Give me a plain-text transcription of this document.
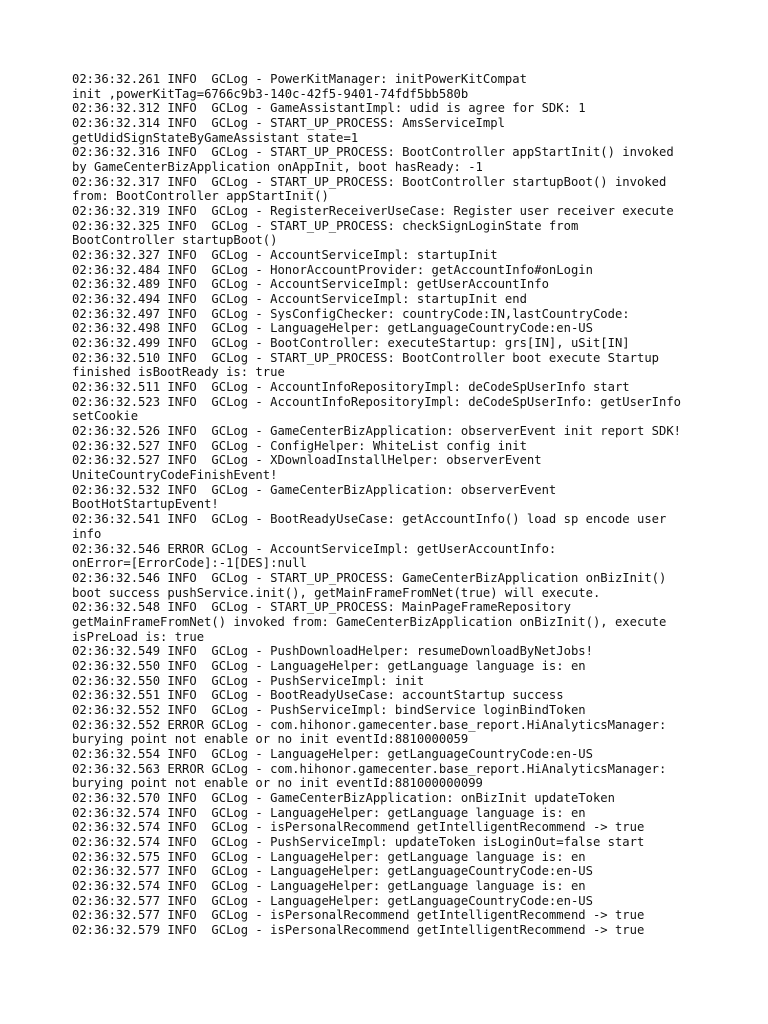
02:36:32.261 INFO  GCLog - PowerKitManager: initPowerKitCompat
init ,powerKitTag=6766c9b3-140c-42f5-9401-74fdf5bb580b
02:36:32.312 INFO  GCLog - GameAssistantImpl: udid is agree for SDK: 1
02:36:32.314 INFO  GCLog - START_UP_PROCESS: AmsServiceImpl
getUdidSignStateByGameAssistant state=1
02:36:32.316 INFO  GCLog - START_UP_PROCESS: BootController appStartInit() invoked
by GameCenterBizApplication onAppInit, boot hasReady: -1
02:36:32.317 INFO  GCLog - START_UP_PROCESS: BootController startupBoot() invoked
from: BootController appStartInit()
02:36:32.319 INFO  GCLog - RegisterReceiverUseCase: Register user receiver execute
02:36:32.325 INFO  GCLog - START_UP_PROCESS: checkSignLoginState from
BootController startupBoot()
02:36:32.327 INFO  GCLog - AccountServiceImpl: startupInit
02:36:32.484 INFO  GCLog - HonorAccountProvider: getAccountInfo#onLogin
02:36:32.489 INFO  GCLog - AccountServiceImpl: getUserAccountInfo
02:36:32.494 INFO  GCLog - AccountServiceImpl: startupInit end
02:36:32.497 INFO  GCLog - SysConfigChecker: countryCode:IN,lastCountryCode:
02:36:32.498 INFO  GCLog - LanguageHelper: getLanguageCountryCode:en-US
02:36:32.499 INFO  GCLog - BootController: executeStartup: grs[IN], uSit[IN]
02:36:32.510 INFO  GCLog - START_UP_PROCESS: BootController boot execute Startup
finished isBootReady is: true
02:36:32.511 INFO  GCLog - AccountInfoRepositoryImpl: deCodeSpUserInfo start
02:36:32.523 INFO  GCLog - AccountInfoRepositoryImpl: deCodeSpUserInfo: getUserInfo
setCookie
02:36:32.526 INFO  GCLog - GameCenterBizApplication: observerEvent init report SDK!
02:36:32.527 INFO  GCLog - ConfigHelper: WhiteList config init
02:36:32.527 INFO  GCLog - XDownloadInstallHelper: observerEvent
UniteCountryCodeFinishEvent!
02:36:32.532 INFO  GCLog - GameCenterBizApplication: observerEvent
BootHotStartupEvent!
02:36:32.541 INFO  GCLog - BootReadyUseCase: getAccountInfo() load sp encode user
info
02:36:32.546 ERROR GCLog - AccountServiceImpl: getUserAccountInfo:
onError=[ErrorCode]:-1[DES]:null
02:36:32.546 INFO  GCLog - START_UP_PROCESS: GameCenterBizApplication onBizInit()
boot success pushService.init(), getMainFrameFromNet(true) will execute.
02:36:32.548 INFO  GCLog - START_UP_PROCESS: MainPageFrameRepository
getMainFrameFromNet() invoked from: GameCenterBizApplication onBizInit(), execute
isPreLoad is: true
02:36:32.549 INFO  GCLog - PushDownloadHelper: resumeDownloadByNetJobs!
02:36:32.550 INFO  GCLog - LanguageHelper: getLanguage language is: en
02:36:32.550 INFO  GCLog - PushServiceImpl: init
02:36:32.551 INFO  GCLog - BootReadyUseCase: accountStartup success
02:36:32.552 INFO  GCLog - PushServiceImpl: bindService loginBindToken
02:36:32.552 ERROR GCLog - com.hihonor.gamecenter.base_report.HiAnalyticsManager:
burying point not enable or no init eventId:8810000059
02:36:32.554 INFO  GCLog - LanguageHelper: getLanguageCountryCode:en-US
02:36:32.563 ERROR GCLog - com.hihonor.gamecenter.base_report.HiAnalyticsManager:
burying point not enable or no init eventId:881000000099
02:36:32.570 INFO  GCLog - GameCenterBizApplication: onBizInit updateToken
02:36:32.574 INFO  GCLog - LanguageHelper: getLanguage language is: en
02:36:32.574 INFO  GCLog - isPersonalRecommend getIntelligentRecommend -> true
02:36:32.574 INFO  GCLog - PushServiceImpl: updateToken isLoginOut=false start
02:36:32.575 INFO  GCLog - LanguageHelper: getLanguage language is: en
02:36:32.577 INFO  GCLog - LanguageHelper: getLanguageCountryCode:en-US
02:36:32.574 INFO  GCLog - LanguageHelper: getLanguage language is: en
02:36:32.577 INFO  GCLog - LanguageHelper: getLanguageCountryCode:en-US
02:36:32.577 INFO  GCLog - isPersonalRecommend getIntelligentRecommend -> true
02:36:32.579 INFO  GCLog - isPersonalRecommend getIntelligentRecommend -> true
